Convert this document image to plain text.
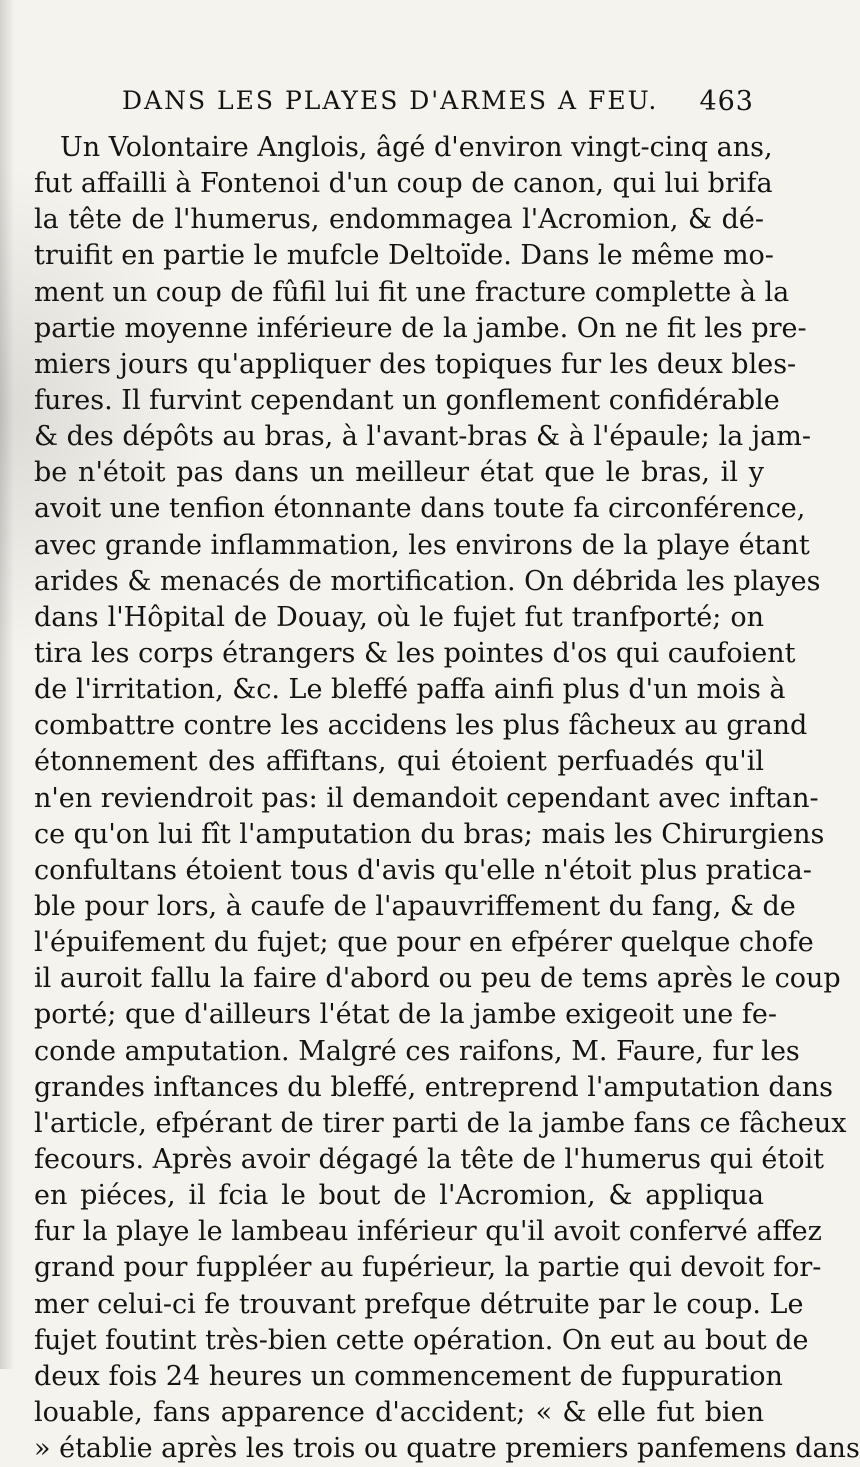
DANS LES PLAYES D'ARMES A FEU. 463
Un Volontaire Anglois, âgé d'environ vingt-cinq ans,
fut affailli à Fontenoi d'un coup de canon, qui lui brifa
la tête de l'humerus, endommagea l'Acromion, & dé-
truifit en partie le mufcle Deltoïde. Dans le même mo-
ment un coup de fûfil lui fit une fracture complette à la
partie moyenne inférieure de la jambe. On ne fit les pre-
miers jours qu'appliquer des topiques fur les deux bles-
fures. Il furvint cependant un gonflement confidérable
& des dépôts au bras, à l'avant-bras & à l'épaule; la jam-
be n'étoit pas dans un meilleur état que le bras, il y
avoit une tenfion étonnante dans toute fa circonférence,
avec grande inflammation, les environs de la playe étant
arides & menacés de mortification. On débrida les playes
dans l'Hôpital de Douay, où le fujet fut tranfporté; on
tira les corps étrangers & les pointes d'os qui caufoient
de l'irritation, &c. Le bleffé paffa ainfi plus d'un mois à
combattre contre les accidens les plus fâcheux au grand
étonnement des affiftans, qui étoient perfuadés qu'il
n'en reviendroit pas: il demandoit cependant avec inftan-
ce qu'on lui fît l'amputation du bras; mais les Chirurgiens
confultans étoient tous d'avis qu'elle n'étoit plus pratica-
ble pour lors, à caufe de l'apauvriffement du fang, & de
l'épuifement du fujet; que pour en efpérer quelque chofe
il auroit fallu la faire d'abord ou peu de tems après le coup
porté; que d'ailleurs l'état de la jambe exigeoit une fe-
conde amputation. Malgré ces raifons, M. Faure, fur les
grandes inftances du bleffé, entreprend l'amputation dans
l'article, efpérant de tirer parti de la jambe fans ce fâcheux
fecours. Après avoir dégagé la tête de l'humerus qui étoit
en piéces, il fcia le bout de l'Acromion, & appliqua
fur la playe le lambeau inférieur qu'il avoit confervé affez
grand pour fuppléer au fupérieur, la partie qui devoit for-
mer celui-ci fe trouvant prefque détruite par le coup. Le
fujet foutint très-bien cette opération. On eut au bout de
deux fois 24 heures un commencement de fuppuration
louable, fans apparence d'accident; « & elle fut bien
» établie après les trois ou quatre premiers panfemens dans
